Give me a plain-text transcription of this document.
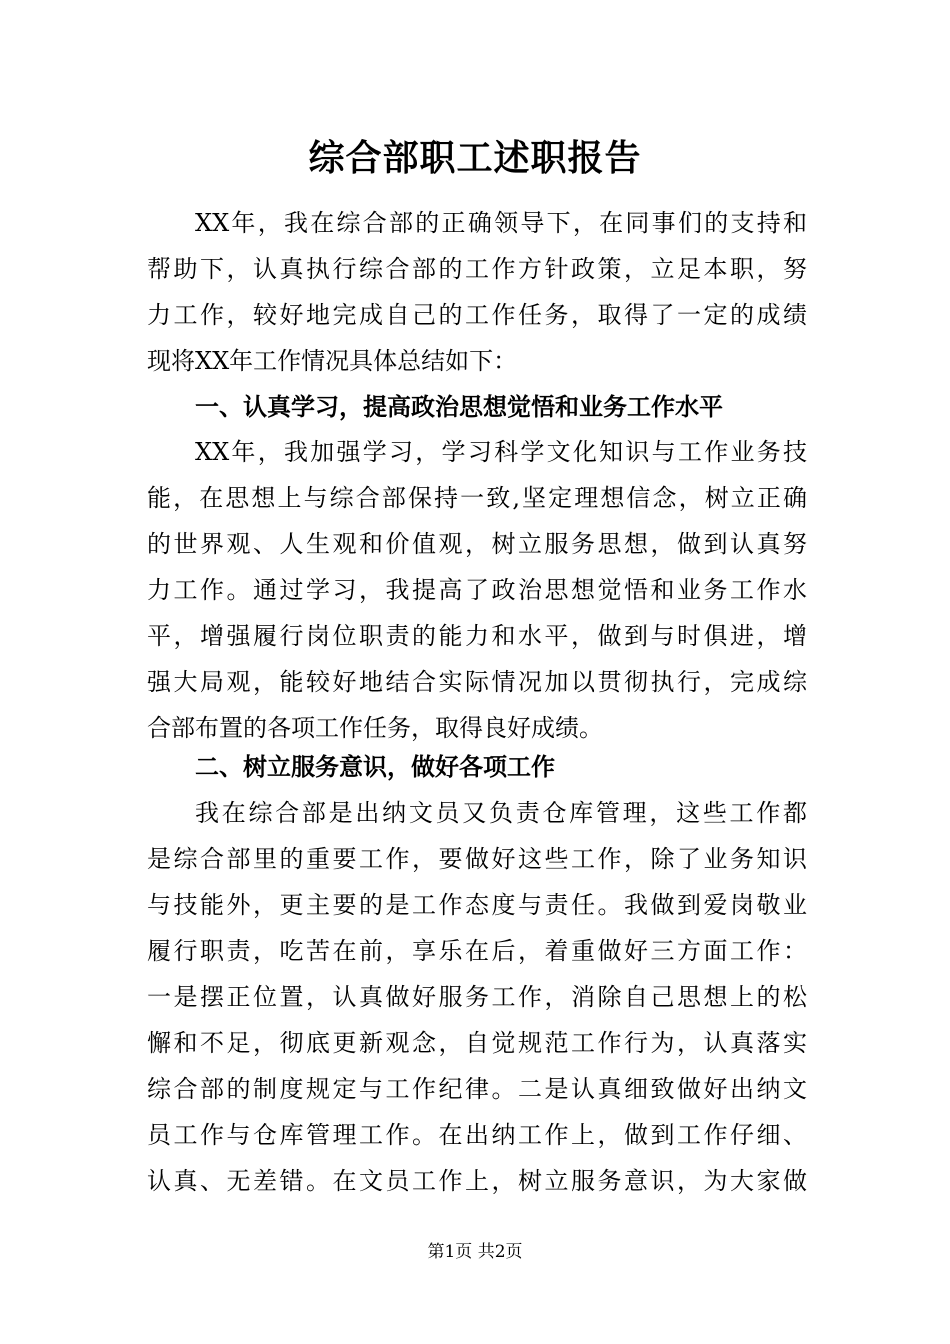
综合部职工述职报告
XX年，我在综合部的正确领导下，在同事们的支持和
帮助下，认真执行综合部的工作方针政策，立足本职，努
力工作，较好地完成自己的工作任务，取得了一定的成绩
现将XX年工作情况具体总结如下：
一、认真学习，提高政治思想觉悟和业务工作水平
XX年，我加强学习，学习科学文化知识与工作业务技
能，在思想上与综合部保持一致,坚定理想信念，树立正确
的世界观、人生观和价值观，树立服务思想，做到认真努
力工作。通过学习，我提高了政治思想觉悟和业务工作水
平，增强履行岗位职责的能力和水平，做到与时俱进，增
强大局观，能较好地结合实际情况加以贯彻执行，完成综
合部布置的各项工作任务，取得良好成绩。
二、树立服务意识，做好各项工作
我在综合部是出纳文员又负责仓库管理，这些工作都
是综合部里的重要工作，要做好这些工作，除了业务知识
与技能外，更主要的是工作态度与责任。我做到爱岗敬业
履行职责，吃苦在前，享乐在后，着重做好三方面工作：
一是摆正位置，认真做好服务工作，消除自己思想上的松
懈和不足，彻底更新观念，自觉规范工作行为，认真落实
综合部的制度规定与工作纪律。二是认真细致做好出纳文
员工作与仓库管理工作。在出纳工作上，做到工作仔细、
认真、无差错。在文员工作上，树立服务意识，为大家做
第1页 共2页
